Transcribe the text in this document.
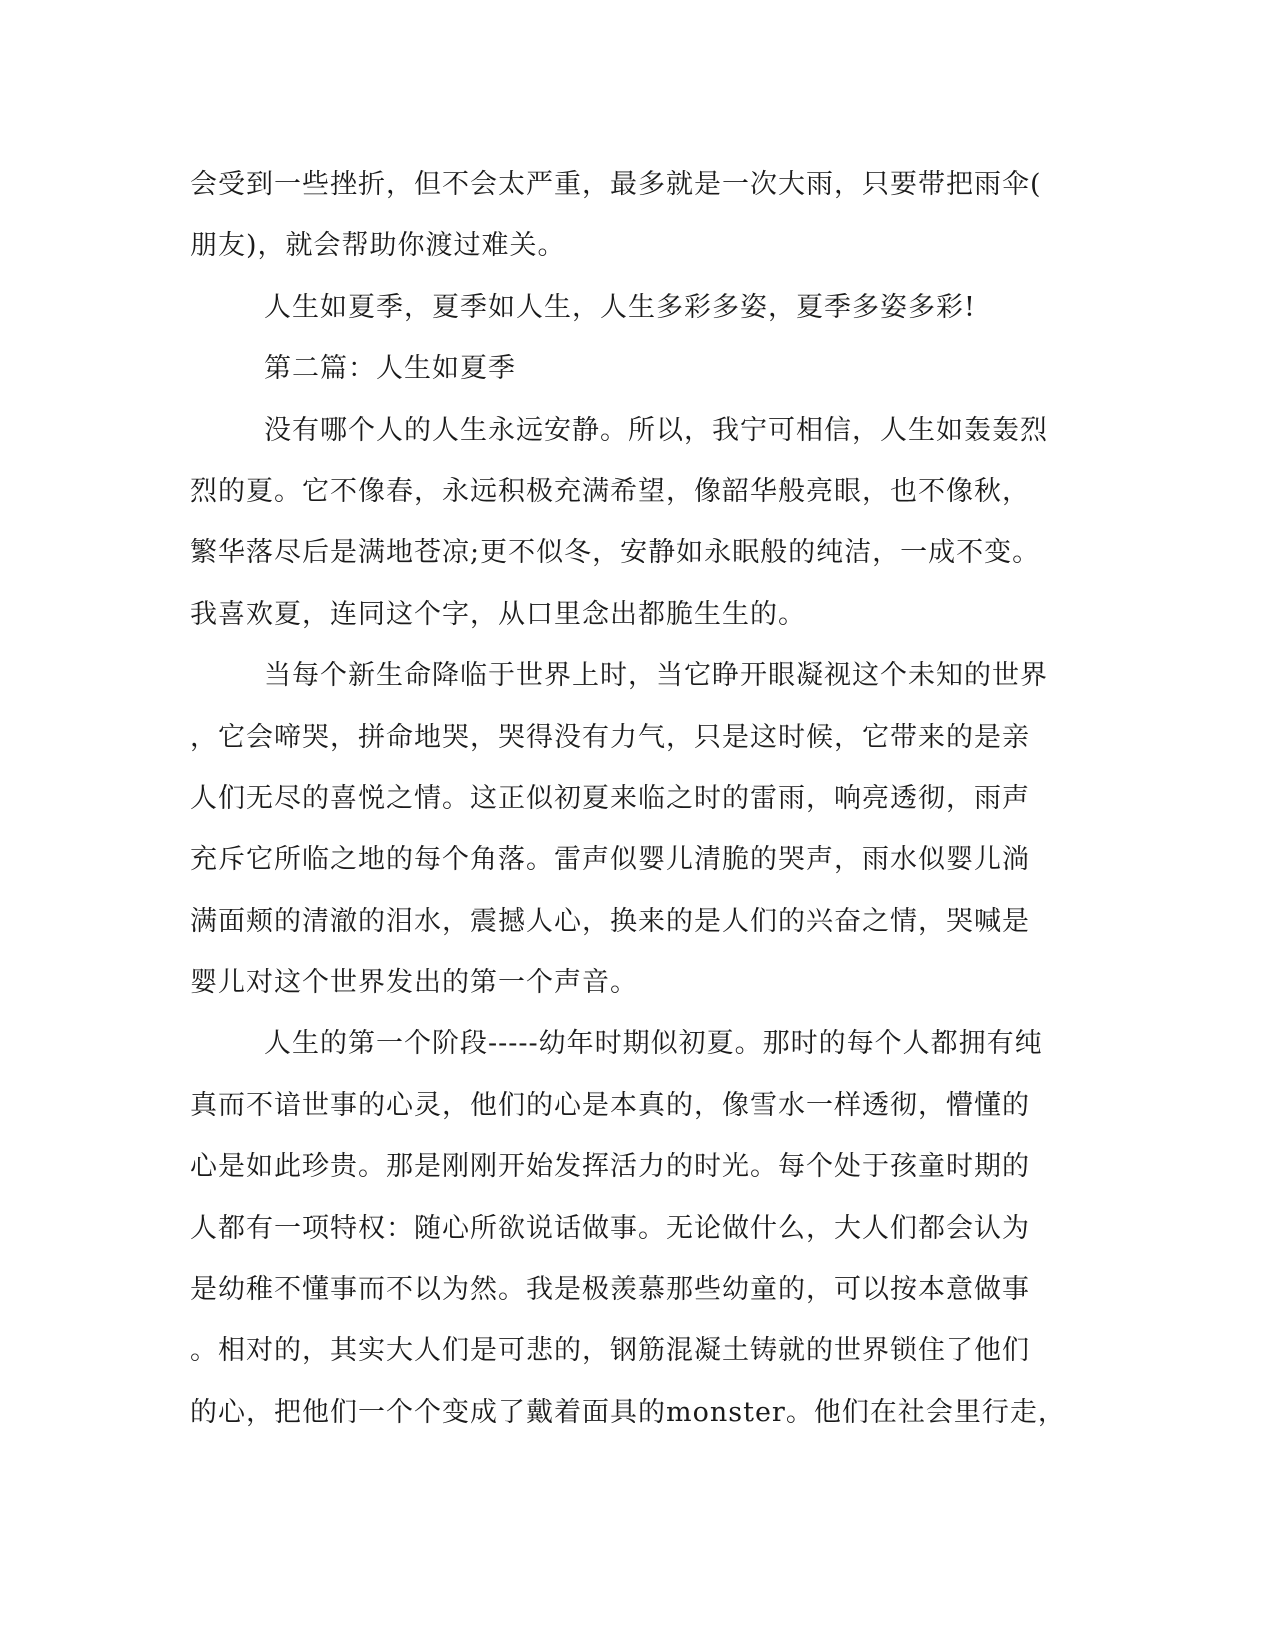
会受到一些挫折，但不会太严重，最多就是一次大雨，只要带把雨伞(
朋友)，就会帮助你渡过难关。
人生如夏季，夏季如人生，人生多彩多姿，夏季多姿多彩!
第二篇：人生如夏季
没有哪个人的人生永远安静。所以，我宁可相信，人生如轰轰烈
烈的夏。它不像春，永远积极充满希望，像韶华般亮眼，也不像秋，
繁华落尽后是满地苍凉;更不似冬，安静如永眠般的纯洁，一成不变。
我喜欢夏，连同这个字，从口里念出都脆生生的。
当每个新生命降临于世界上时，当它睁开眼凝视这个未知的世界
，它会啼哭，拼命地哭，哭得没有力气，只是这时候，它带来的是亲
人们无尽的喜悦之情。这正似初夏来临之时的雷雨，响亮透彻，雨声
充斥它所临之地的每个角落。雷声似婴儿清脆的哭声，雨水似婴儿淌
满面颊的清澈的泪水，震撼人心，换来的是人们的兴奋之情，哭喊是
婴儿对这个世界发出的第一个声音。
人生的第一个阶段-----幼年时期似初夏。那时的每个人都拥有纯
真而不谙世事的心灵，他们的心是本真的，像雪水一样透彻，懵懂的
心是如此珍贵。那是刚刚开始发挥活力的时光。每个处于孩童时期的
人都有一项特权：随心所欲说话做事。无论做什么，大人们都会认为
是幼稚不懂事而不以为然。我是极羡慕那些幼童的，可以按本意做事
。相对的，其实大人们是可悲的，钢筋混凝土铸就的世界锁住了他们
的心，把他们一个个变成了戴着面具的monster。他们在社会里行走，
